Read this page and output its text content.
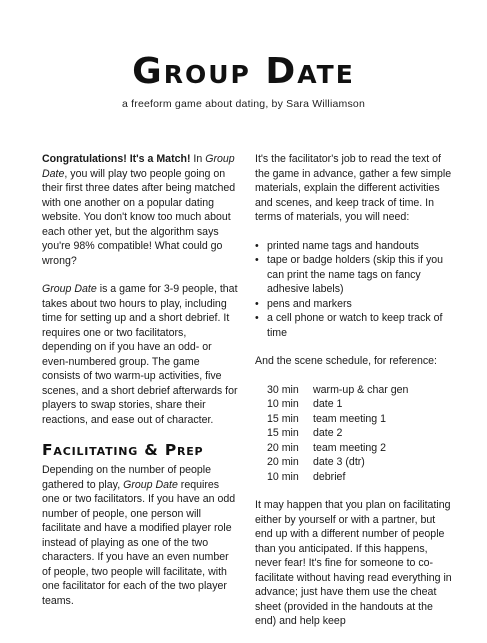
Group Date
a freeform game about dating, by Sara Williamson

Congratulations! It's a Match! In Group Date, you will play two people going on their first three dates after being matched with one another on a popular dating website. You don't know too much about each other yet, but the algorithm says you're 98% compatible! What could go wrong?

Group Date is a game for 3-9 people, that takes about two hours to play, including time for setting up and a short debrief. It requires one or two facilitators, depending on if you have an odd- or even-numbered group. The game consists of two warm-up activities, five scenes, and a short debrief afterwards for players to swap stories, share their reactions, and ease out of character.

Facilitating & Prep

Depending on the number of people gathered to play, Group Date requires one or two facilitators. If you have an odd number of people, one person will facilitate and have a modified player role instead of playing as one of the two characters. If you have an even number of people, two people will facilitate, with one facilitator for each of the two player teams.

It's the facilitator's job to read the text of the game in advance, gather a few simple materials, explain the different activities and scenes, and keep track of time. In terms of materials, you will need:

• printed name tags and handouts
• tape or badge holders (skip this if you can print the name tags on fancy adhesive labels)
• pens and markers
• a cell phone or watch to keep track of time

And the scene schedule, for reference:

30 min	warm-up & char gen
10 min	date 1
15 min	team meeting 1
15 min	date 2
20 min	team meeting 2
20 min	date 3 (dtr)
10 min	debrief

It may happen that you plan on facilitating either by yourself or with a partner, but end up with a different number of people than you anticipated. If this happens, never fear! It's fine for someone to co-facilitate without having read everything in advance; just have them use the cheat sheet (provided in the handouts at the end) and help keep
